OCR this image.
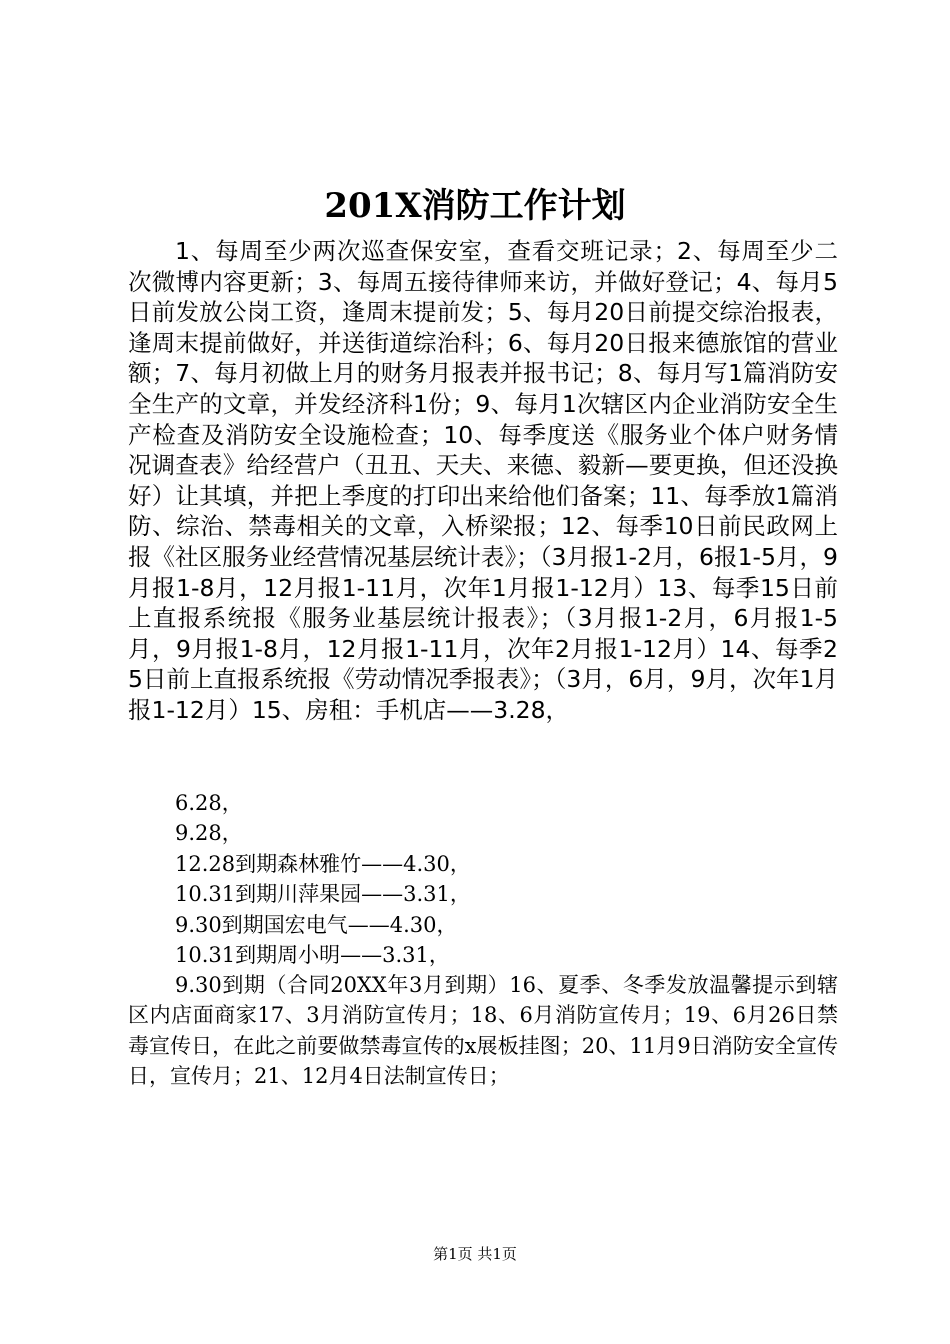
201X消防工作计划

1、每周至少两次巡查保安室，查看交班记录；2、每周至少二次微博内容更新；3、每周五接待律师来访，并做好登记；4、每月5日前发放公岗工资，逢周末提前发；5、每月20日前提交综治报表，逢周末提前做好，并送街道综治科；6、每月20日报来德旅馆的营业额；7、每月初做上月的财务月报表并报书记；8、每月写1篇消防安全生产的文章，并发经济科1份；9、每月1次辖区内企业消防安全生产检查及消防安全设施检查；10、每季度送《服务业个体户财务情况调查表》给经营户（丑丑、天夫、来德、毅新—要更换，但还没换好）让其填，并把上季度的打印出来给他们备案；11、每季放1篇消防、综治、禁毒相关的文章，入桥梁报；12、每季10日前民政网上报《社区服务业经营情况基层统计表》；（3月报1-2月，6报1-5月，9月报1-8月，12月报1-11月，次年1月报1-12月）13、每季15日前上直报系统报《服务业基层统计报表》；（3月报1-2月，6月报1-5月，9月报1-8月，12月报1-11月，次年2月报1-12月）14、每季25日前上直报系统报《劳动情况季报表》；（3月，6月，9月，次年1月报1-12月）15、房租：手机店——3.28，

6.28，
9.28，
12.28到期森林雅竹——4.30，
10.31到期川萍果园——3.31，
9.30到期国宏电气——4.30，
10.31到期周小明——3.31，

9.30到期（合同20XX年3月到期）16、夏季、冬季发放温馨提示到辖区内店面商家17、3月消防宣传月；18、6月消防宣传月；19、6月26日禁毒宣传日，在此之前要做禁毒宣传的x展板挂图；20、11月9日消防安全宣传日，宣传月；21、12月4日法制宣传日；

第1页 共1页
